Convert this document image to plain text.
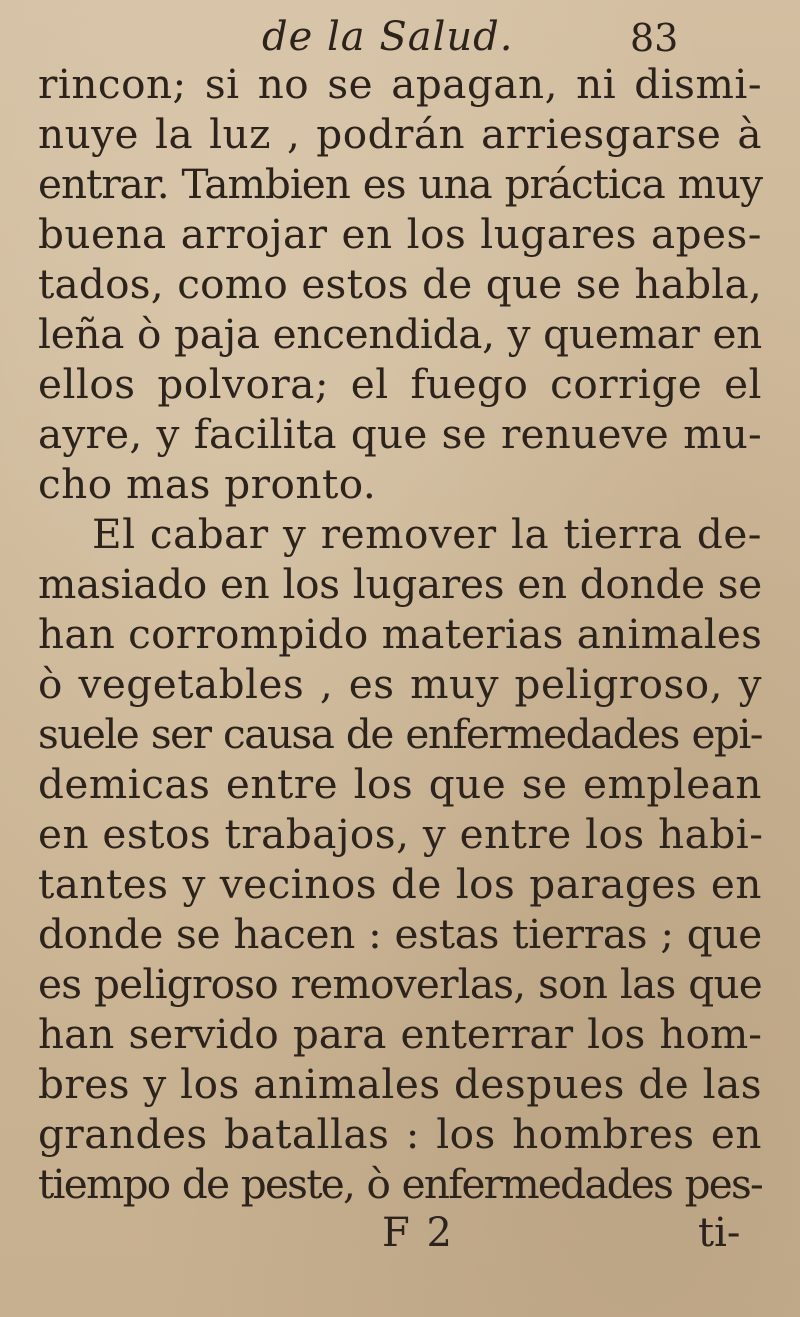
de la Salud.	83
rincon; si no se apagan, ni dismi-
nuye la luz , podrán arriesgarse à
entrar. Tambien es una práctica muy
buena arrojar en los lugares apes-
tados, como estos de que se habla,
leña ò paja encendida, y quemar en
ellos polvora; el fuego corrige el
ayre, y facilita que se renueve mu-
cho mas pronto.
El cabar y remover la tierra de-
masiado en los lugares en donde se
han corrompido materias animales
ò vegetables , es muy peligroso, y
suele ser causa de enfermedades epi-
demicas entre los que se emplean
en estos trabajos, y entre los habi-
tantes y vecinos de los parages en
donde se hacen : estas tierras ; que
es peligroso removerlas, son las que
han servido para enterrar los hom-
bres y los animales despues de las
grandes batallas : los hombres en
tiempo de peste, ò enfermedades pes-
F 2	ti-
